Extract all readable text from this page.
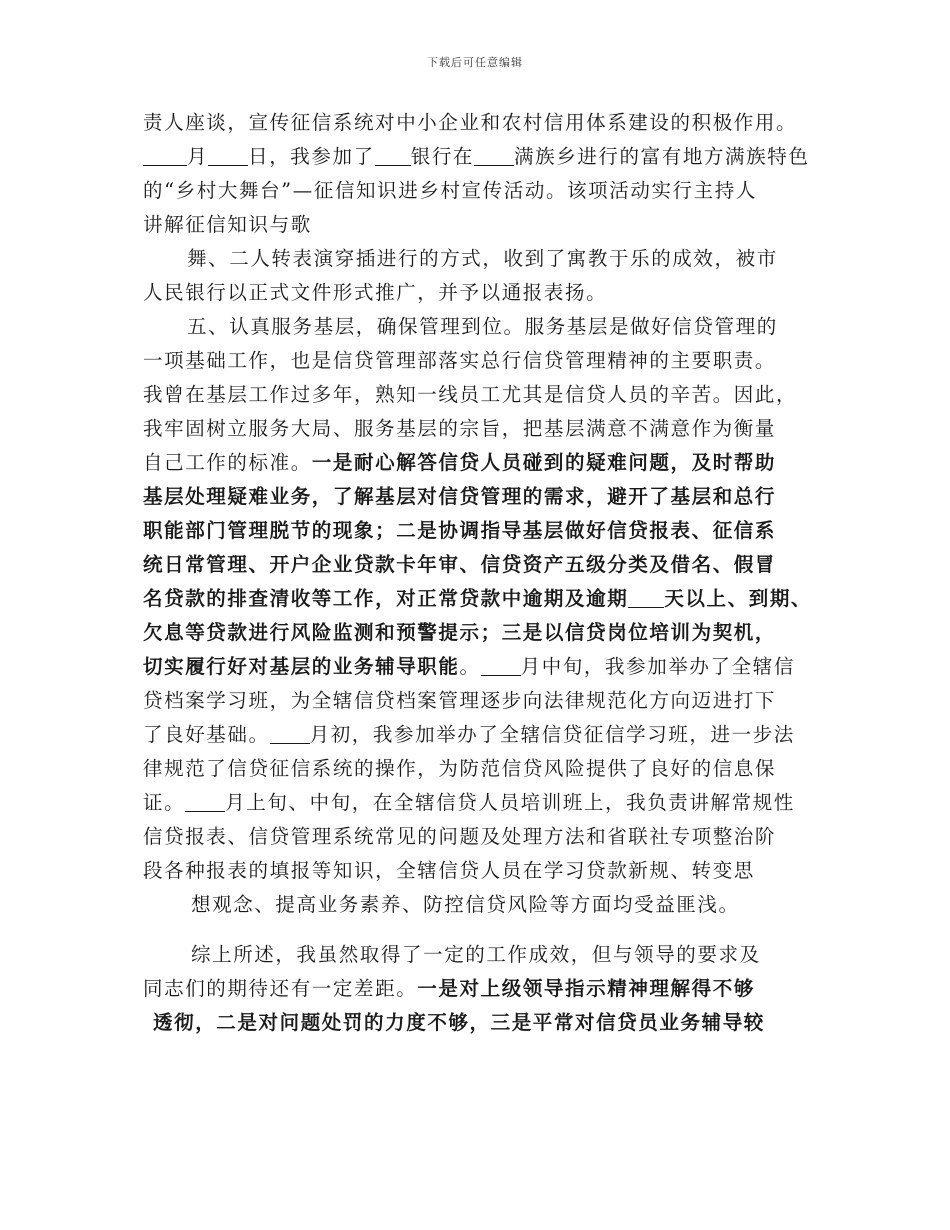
下载后可任意编辑
责人座谈，宣传征信系统对中小企业和农村信用体系建设的积极作用。
月 日，我参加了 银行在 满族乡进行的富有地方满族特色
的“乡村大舞台”—征信知识进乡村宣传活动。该项活动实行主持人
讲解征信知识与歌
舞、二人转表演穿插进行的方式，收到了寓教于乐的成效，被市
人民银行以正式文件形式推广，并予以通报表扬。
五、认真服务基层，确保管理到位。服务基层是做好信贷管理的
一项基础工作，也是信贷管理部落实总行信贷管理精神的主要职责。
我曾在基层工作过多年，熟知一线员工尤其是信贷人员的辛苦。因此，
我牢固树立服务大局、服务基层的宗旨，把基层满意不满意作为衡量
自己工作的标准。一是耐心解答信贷人员碰到的疑难问题，及时帮助
基层处理疑难业务，了解基层对信贷管理的需求，避开了基层和总行
职能部门管理脱节的现象；二是协调指导基层做好信贷报表、征信系
统日常管理、开户企业贷款卡年审、信贷资产五级分类及借名、假冒
名贷款的排查清收等工作，对正常贷款中逾期及逾期 天以上、到期、
欠息等贷款进行风险监测和预警提示；三是以信贷岗位培训为契机，
切实履行好对基层的业务辅导职能。 月中旬，我参加举办了全辖信
贷档案学习班，为全辖信贷档案管理逐步向法律规范化方向迈进打下
了良好基础。 月初，我参加举办了全辖信贷征信学习班，进一步法
律规范了信贷征信系统的操作，为防范信贷风险提供了良好的信息保
证。 月上旬、中旬，在全辖信贷人员培训班上，我负责讲解常规性
信贷报表、信贷管理系统常见的问题及处理方法和省联社专项整治阶
段各种报表的填报等知识，全辖信贷人员在学习贷款新规、转变思
想观念、提高业务素养、防控信贷风险等方面均受益匪浅。
综上所述，我虽然取得了一定的工作成效，但与领导的要求及
同志们的期待还有一定差距。一是对上级领导指示精神理解得不够
透彻，二是对问题处罚的力度不够，三是平常对信贷员业务辅导较
